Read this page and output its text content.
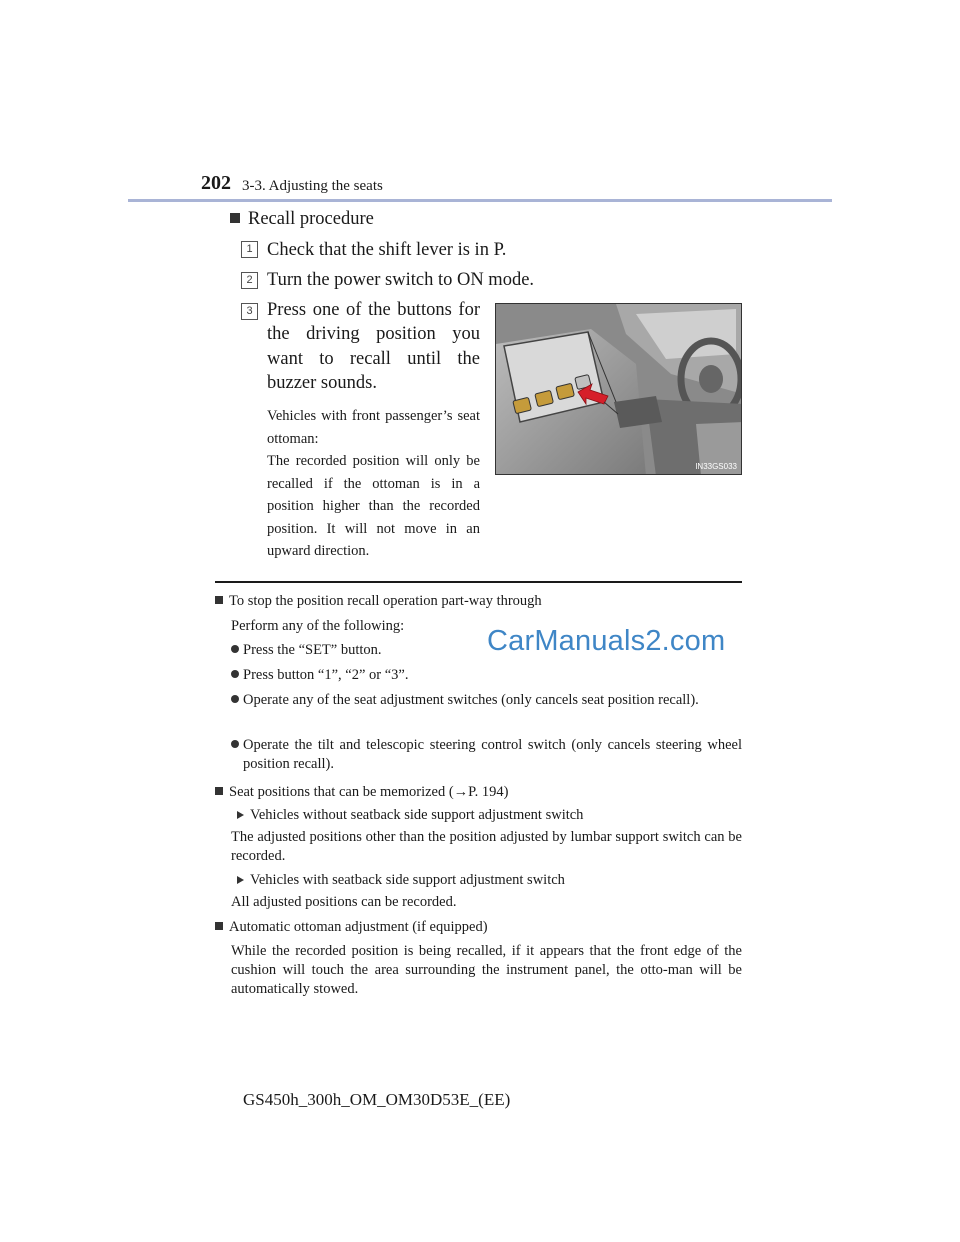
202 3-3. Adjusting the seats
Recall procedure
1 Check that the shift lever is in P.
2 Turn the power switch to ON mode.
3 Press one of the buttons for the driving position you want to recall until the buzzer sounds.

Vehicles with front passenger’s seat ottoman:

The recorded position will only be recalled if the ottoman is in a position higher than the recorded position. It will not move in an upward direction.

IN33GS033
To stop the position recall operation part-way through
Perform any of the following:	CarManuals2.com
Press the “SET” button.
Press button “1”, “2” or “3”.
Operate any of the seat adjustment switches (only cancels seat position recall).
Operate the tilt and telescopic steering control switch (only cancels steering wheel position recall).
Seat positions that can be memorized (→P. 194)
Vehicles without seatback side support adjustment switch
The adjusted positions other than the position adjusted by lumbar support switch can be recorded.
Vehicles with seatback side support adjustment switch
All adjusted positions can be recorded.
Automatic ottoman adjustment (if equipped)
While the recorded position is being recalled, if it appears that the front edge of the cushion will touch the area surrounding the instrument panel, the otto-man will be automatically stowed.
GS450h_300h_OM_OM30D53E_(EE)
